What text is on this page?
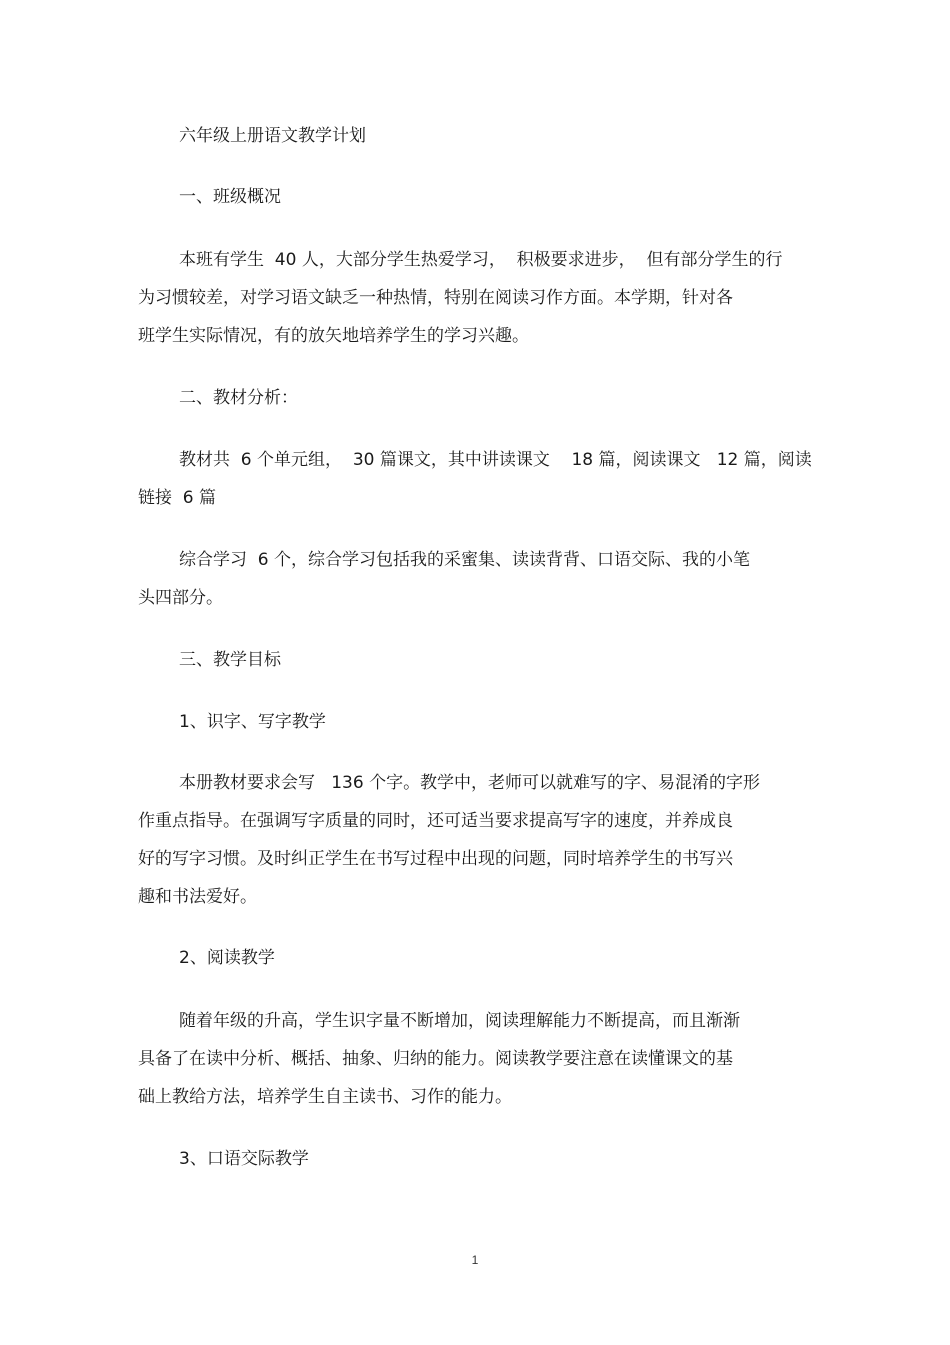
六年级上册语文教学计划
一、班级概况
本班有学生  40 人，大部分学生热爱学习，  积极要求进步，  但有部分学生的行
为习惯较差，对学习语文缺乏一种热情，特别在阅读习作方面。本学期，针对各
班学生实际情况，有的放矢地培养学生的学习兴趣。
二、教材分析：
教材共  6 个单元组，  30 篇课文，其中讲读课文    18 篇，阅读课文   12 篇，阅读
链接  6 篇
综合学习  6 个，综合学习包括我的采蜜集、读读背背、口语交际、我的小笔
头四部分。
三、教学目标
1、识字、写字教学
本册教材要求会写   136 个字。教学中，老师可以就难写的字、易混淆的字形
作重点指导。在强调写字质量的同时，还可适当要求提高写字的速度，并养成良
好的写字习惯。及时纠正学生在书写过程中出现的问题，同时培养学生的书写兴
趣和书法爱好。
2、阅读教学
随着年级的升高，学生识字量不断增加，阅读理解能力不断提高，而且渐渐
具备了在读中分析、概括、抽象、归纳的能力。阅读教学要注意在读懂课文的基
础上教给方法，培养学生自主读书、习作的能力。
3、口语交际教学
1
